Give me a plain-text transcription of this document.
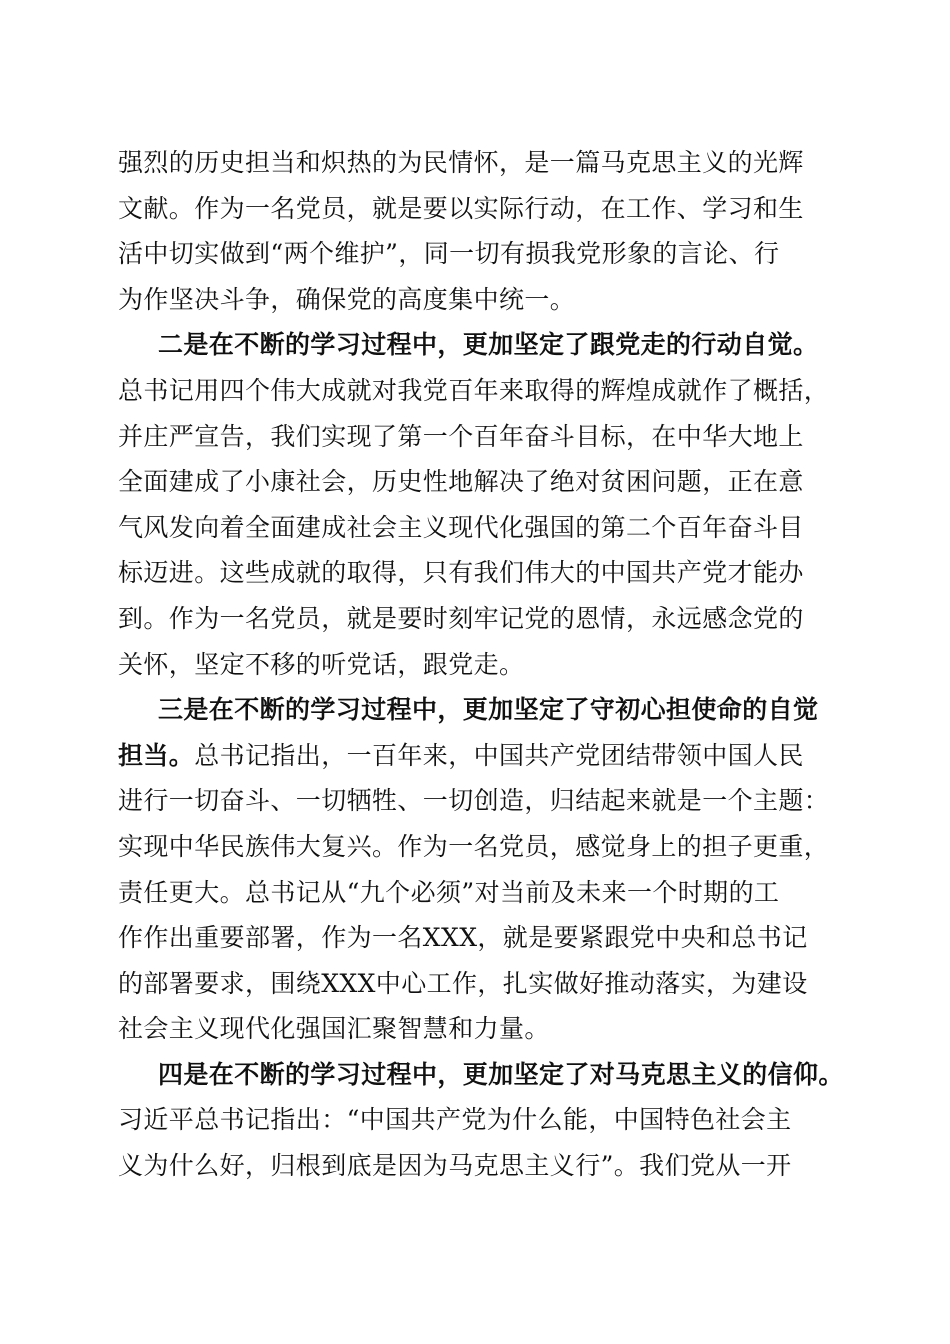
强烈的历史担当和炽热的为民情怀，是一篇马克思主义的光辉
文献。作为一名党员，就是要以实际行动，在工作、学习和生
活中切实做到“两个维护”，同一切有损我党形象的言论、行
为作坚决斗争，确保党的高度集中统一。
二是在不断的学习过程中，更加坚定了跟党走的行动自觉。
总书记用四个伟大成就对我党百年来取得的辉煌成就作了概括，
并庄严宣告，我们实现了第一个百年奋斗目标，在中华大地上
全面建成了小康社会，历史性地解决了绝对贫困问题，正在意
气风发向着全面建成社会主义现代化强国的第二个百年奋斗目
标迈进。这些成就的取得，只有我们伟大的中国共产党才能办
到。作为一名党员，就是要时刻牢记党的恩情，永远感念党的
关怀，坚定不移的听党话，跟党走。
三是在不断的学习过程中，更加坚定了守初心担使命的自觉
担当。总书记指出，一百年来，中国共产党团结带领中国人民
进行一切奋斗、一切牺牲、一切创造，归结起来就是一个主题：
实现中华民族伟大复兴。作为一名党员，感觉身上的担子更重，
责任更大。总书记从“九个必须”对当前及未来一个时期的工
作作出重要部署，作为一名XXX，就是要紧跟党中央和总书记
的部署要求，围绕XXX中心工作，扎实做好推动落实，为建设
社会主义现代化强国汇聚智慧和力量。
四是在不断的学习过程中，更加坚定了对马克思主义的信仰。
习近平总书记指出：“中国共产党为什么能，中国特色社会主
义为什么好，归根到底是因为马克思主义行”。我们党从一开
